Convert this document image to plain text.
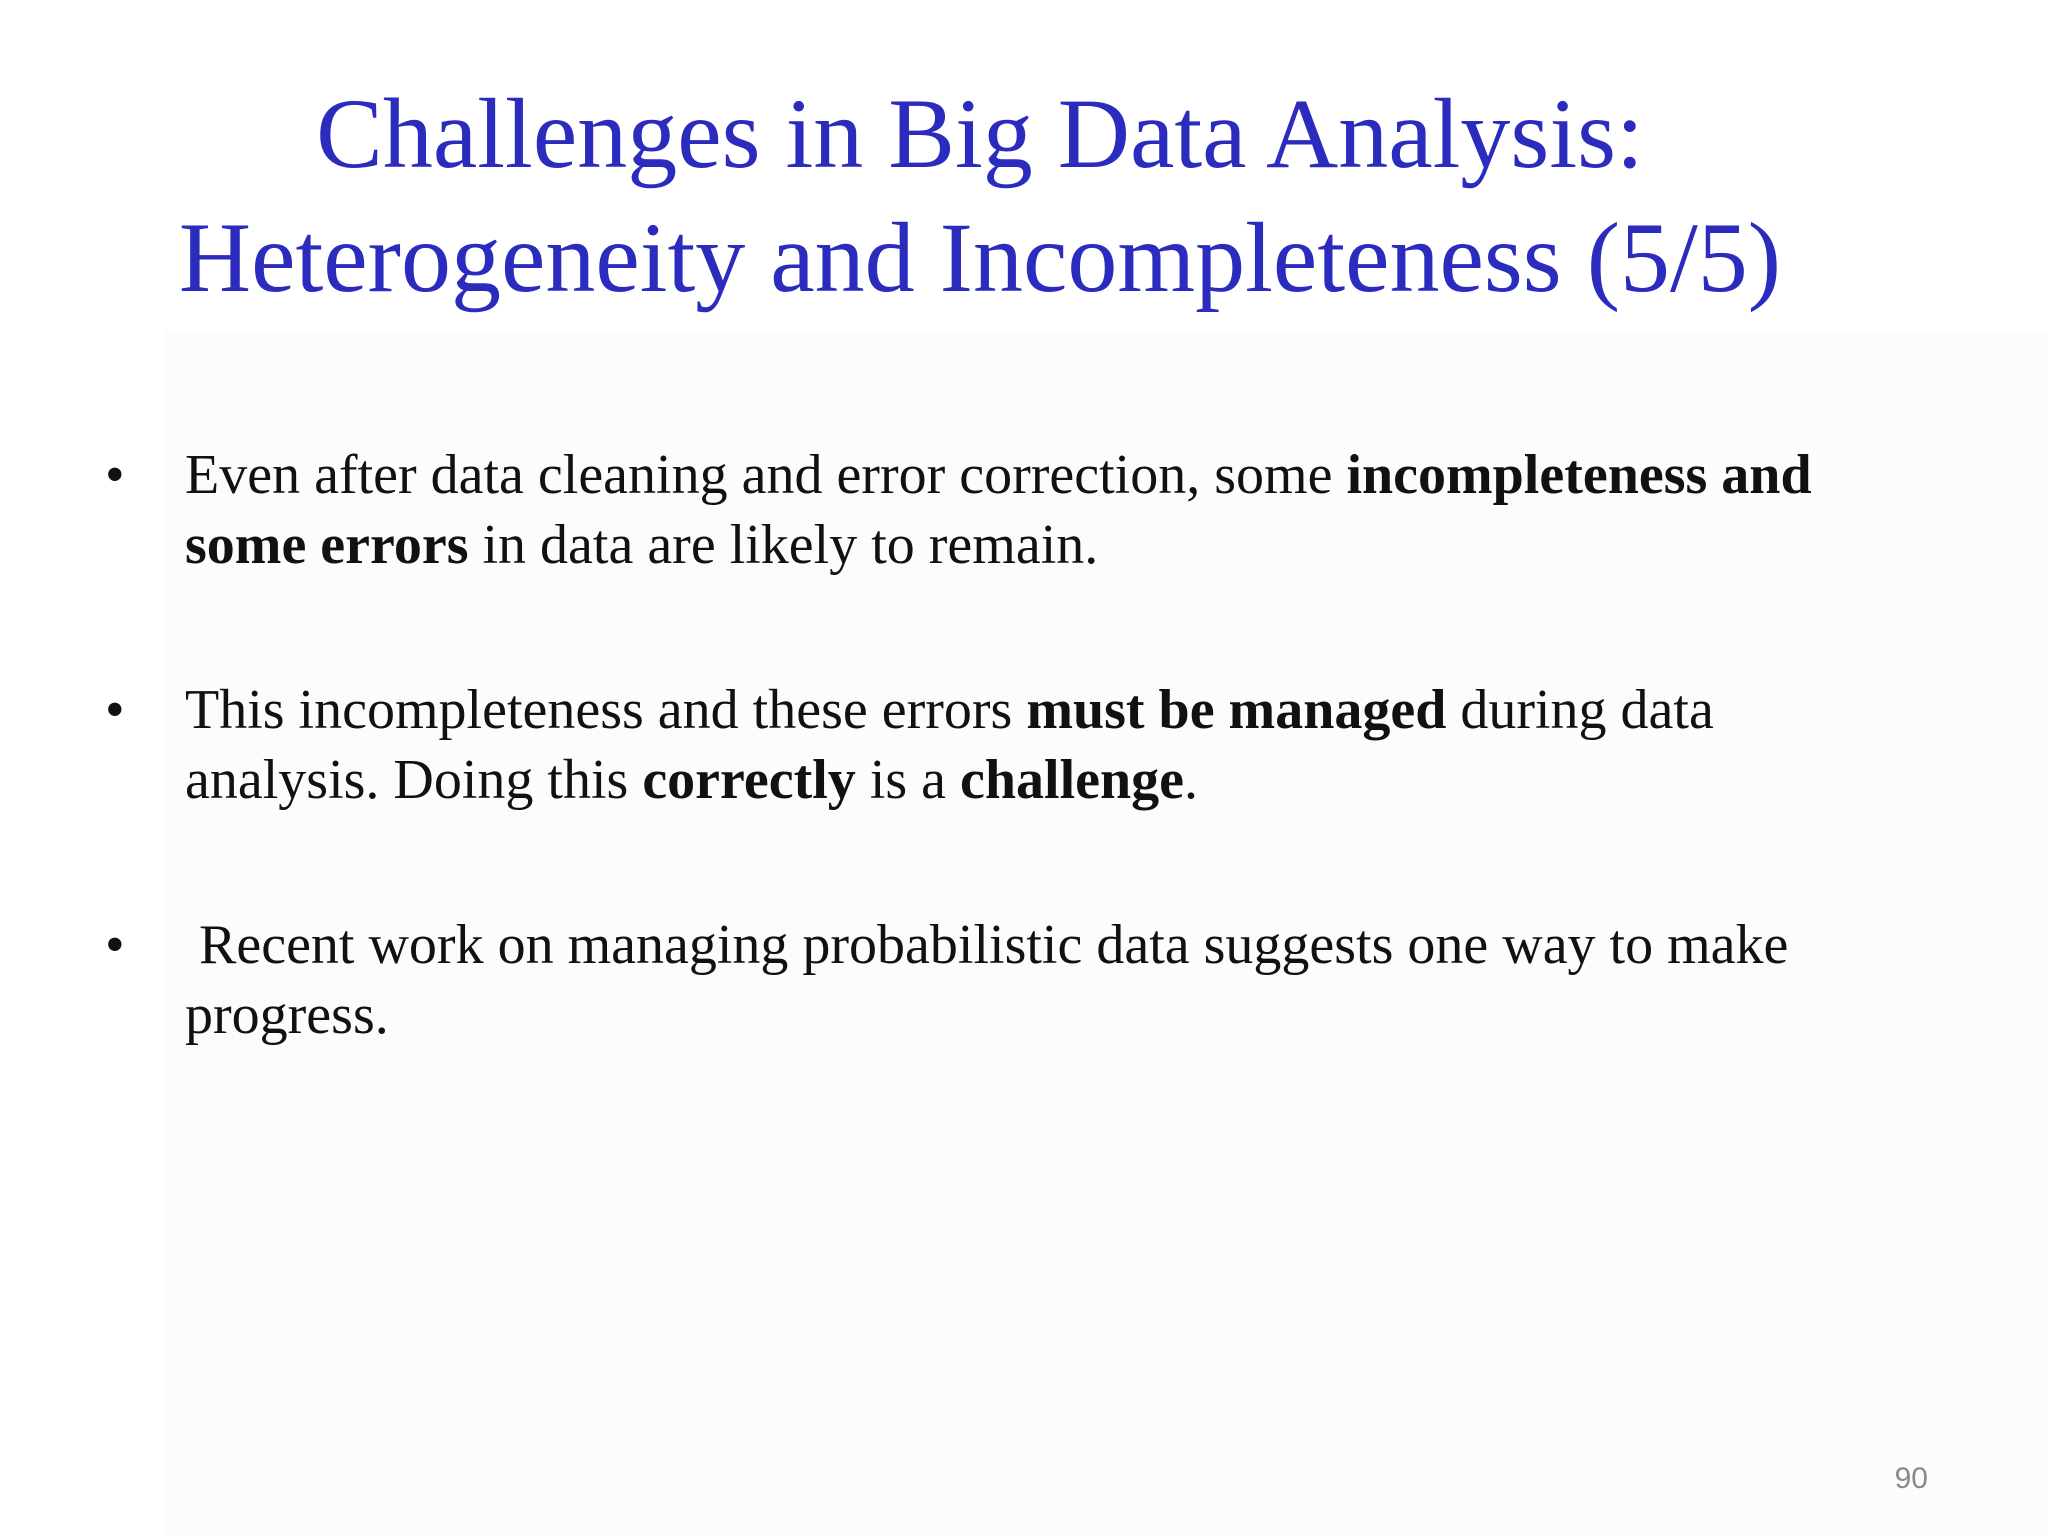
Challenges in Big Data Analysis:
Heterogeneity and Incompleteness (5/5)
•	Even after data cleaning and error correction, some incompleteness and some errors in data are likely to remain.
•	This incompleteness and these errors must be managed during data analysis. Doing this correctly is a challenge.
•	Recent work on managing probabilistic data suggests one way to make progress.
90
